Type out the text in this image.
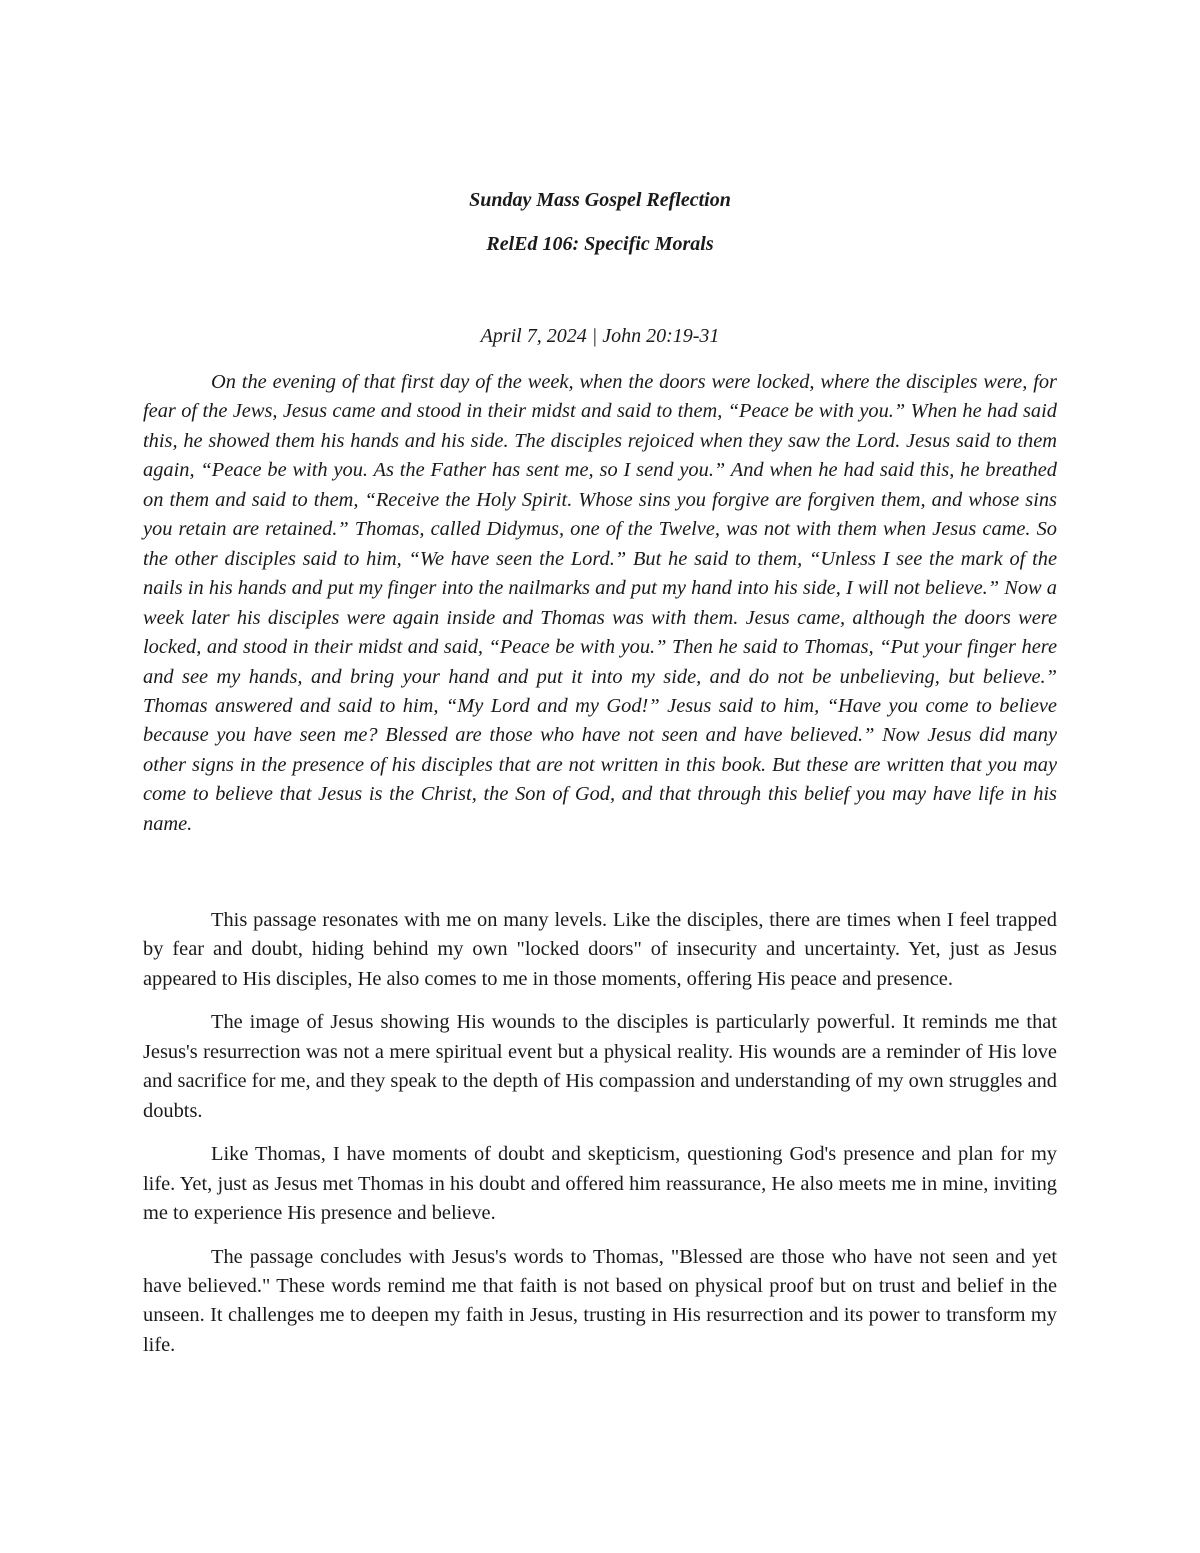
Sunday Mass Gospel Reflection

RelEd 106: Specific Morals

April 7, 2024 | John 20:19-31

On the evening of that first day of the week, when the doors were locked, where the disciples were, for fear of the Jews, Jesus came and stood in their midst and said to them, “Peace be with you.” When he had said this, he showed them his hands and his side. The disciples rejoiced when they saw the Lord. Jesus said to them again, “Peace be with you. As the Father has sent me, so I send you.” And when he had said this, he breathed on them and said to them, “Receive the Holy Spirit. Whose sins you forgive are forgiven them, and whose sins you retain are retained.” Thomas, called Didymus, one of the Twelve, was not with them when Jesus came. So the other disciples said to him, “We have seen the Lord.” But he said to them, “Unless I see the mark of the nails in his hands and put my finger into the nailmarks and put my hand into his side, I will not believe.” Now a week later his disciples were again inside and Thomas was with them. Jesus came, although the doors were locked, and stood in their midst and said, “Peace be with you.” Then he said to Thomas, “Put your finger here and see my hands, and bring your hand and put it into my side, and do not be unbelieving, but believe.” Thomas answered and said to him, “My Lord and my God!” Jesus said to him, “Have you come to believe because you have seen me? Blessed are those who have not seen and have believed.” Now Jesus did many other signs in the presence of his disciples that are not written in this book. But these are written that you may come to believe that Jesus is the Christ, the Son of God, and that through this belief you may have life in his name.

This passage resonates with me on many levels. Like the disciples, there are times when I feel trapped by fear and doubt, hiding behind my own "locked doors" of insecurity and uncertainty. Yet, just as Jesus appeared to His disciples, He also comes to me in those moments, offering His peace and presence.

The image of Jesus showing His wounds to the disciples is particularly powerful. It reminds me that Jesus's resurrection was not a mere spiritual event but a physical reality. His wounds are a reminder of His love and sacrifice for me, and they speak to the depth of His compassion and understanding of my own struggles and doubts.

Like Thomas, I have moments of doubt and skepticism, questioning God's presence and plan for my life. Yet, just as Jesus met Thomas in his doubt and offered him reassurance, He also meets me in mine, inviting me to experience His presence and believe.

The passage concludes with Jesus's words to Thomas, "Blessed are those who have not seen and yet have believed." These words remind me that faith is not based on physical proof but on trust and belief in the unseen. It challenges me to deepen my faith in Jesus, trusting in His resurrection and its power to transform my life.
